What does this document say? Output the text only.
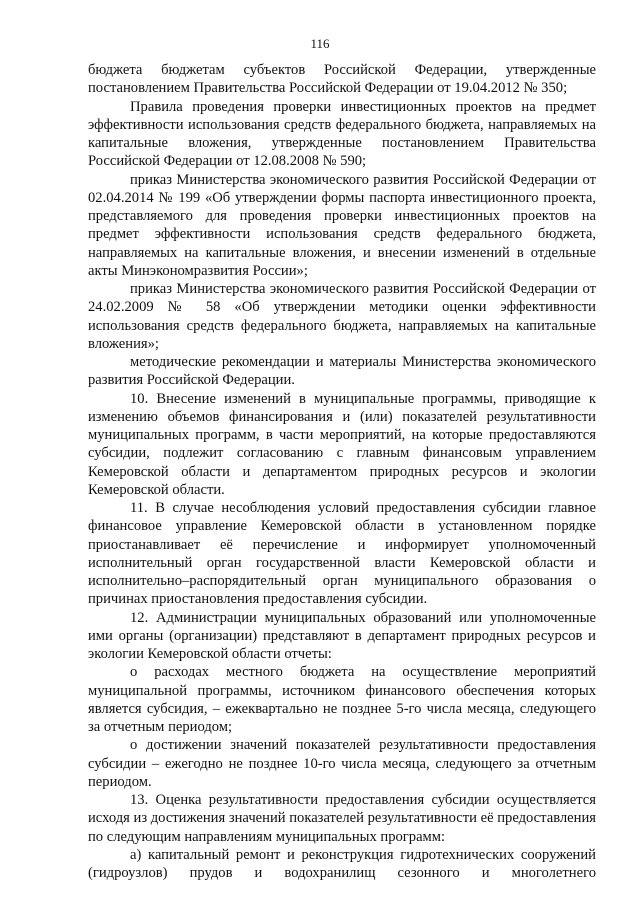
116

бюджета бюджетам субъектов Российской Федерации, утвержденные постановлением Правительства Российской Федерации от 19.04.2012 № 350;

Правила проведения проверки инвестиционных проектов на предмет эффективности использования средств федерального бюджета, направляемых на капитальные вложения, утвержденные постановлением Правительства Российской Федерации от 12.08.2008 № 590;

приказ Министерства экономического развития Российской Федерации от 02.04.2014 № 199 «Об утверждении формы паспорта инвестиционного проекта, представляемого для проведения проверки инвестиционных проектов на предмет эффективности использования средств федерального бюджета, направляемых на капитальные вложения, и внесении изменений в отдельные акты Минэкономразвития России»;

приказ Министерства экономического развития Российской Федерации от 24.02.2009 № 58 «Об утверждении методики оценки эффективности использования средств федерального бюджета, направляемых на капитальные вложения»;

методические рекомендации и материалы Министерства экономического развития Российской Федерации.

10. Внесение изменений в муниципальные программы, приводящие к изменению объемов финансирования и (или) показателей результативности муниципальных программ, в части мероприятий, на которые предоставляются субсидии, подлежит согласованию с главным финансовым управлением Кемеровской области и департаментом природных ресурсов и экологии Кемеровской области.

11. В случае несоблюдения условий предоставления субсидии главное финансовое управление Кемеровской области в установленном порядке приостанавливает её перечисление и информирует уполномоченный исполнительный орган государственной власти Кемеровской области и исполнительно–распорядительный орган муниципального образования о причинах приостановления предоставления субсидии.

12. Администрации муниципальных образований или уполномоченные ими органы (организации) представляют в департамент природных ресурсов и экологии Кемеровской области отчеты:

о расходах местного бюджета на осуществление мероприятий муниципальной программы, источником финансового обеспечения которых является субсидия, – ежеквартально не позднее 5-го числа месяца, следующего за отчетным периодом;

о достижении значений показателей результативности предоставления субсидии – ежегодно не позднее 10-го числа месяца, следующего за отчетным периодом.

13. Оценка результативности предоставления субсидии осуществляется исходя из достижения значений показателей результативности её предоставления по следующим направлениям муниципальных программ:

а) капитальный ремонт и реконструкция гидротехнических сооружений (гидроузлов) прудов и водохранилищ сезонного и многолетнего
